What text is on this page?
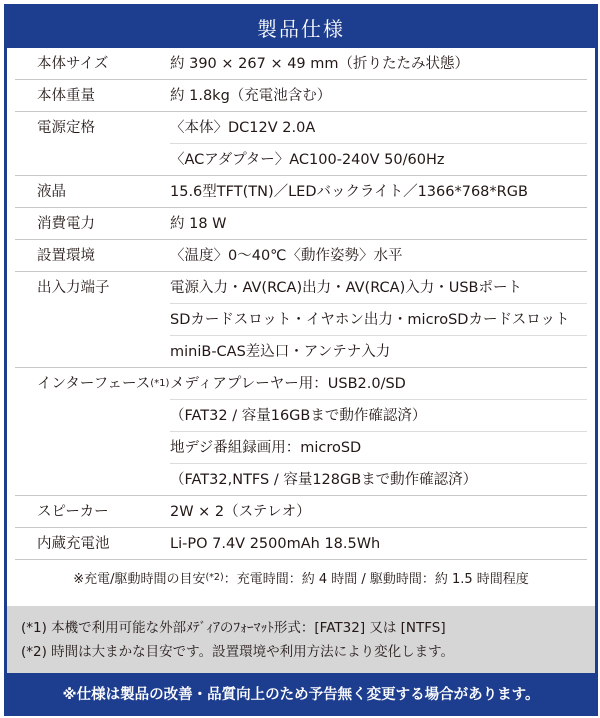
製品仕様
本体サイズ	約 390 × 267 × 49 mm（折りたたみ状態）
本体重量	約 1.8kg（充電池含む）
電源定格	〈本体〉DC12V 2.0A
〈ACアダプター〉AC100-240V 50/60Hz
液晶	15.6型TFT(TN)／LEDバックライト／1366*768*RGB
消費電力	約 18 W
設置環境	〈温度〉0〜40℃〈動作姿勢〉水平
出入力端子	電源入力・AV(RCA)出力・AV(RCA)入力・USBポート
SDカードスロット・イヤホン出力・microSDカードスロット
miniB-CAS差込口・アンテナ入力
インターフェース (*1) メディアプレーヤー用：USB2.0/SD
（FAT32 / 容量16GBまで動作確認済）
地デジ番組録画用：microSD
（FAT32,NTFS / 容量128GBまで動作確認済）
スピーカー	2W × 2（ステレオ）
内蔵充電池	Li-PO 7.4V 2500mAh 18.5Wh
※充電/駆動時間の目安 (*2) ：充電時間：約 4 時間 / 駆動時間：約 1.5 時間程度
(*1) 本機で利用可能な外部ﾒﾃﾞｨｱのﾌｫｰﾏｯﾄ形式：[FAT32] 又は [NTFS]
(*2) 時間は大まかな目安です。設置環境や利用方法により変化します。
※仕様は製品の改善・品質向上のため予告無く変更する場合があります。
